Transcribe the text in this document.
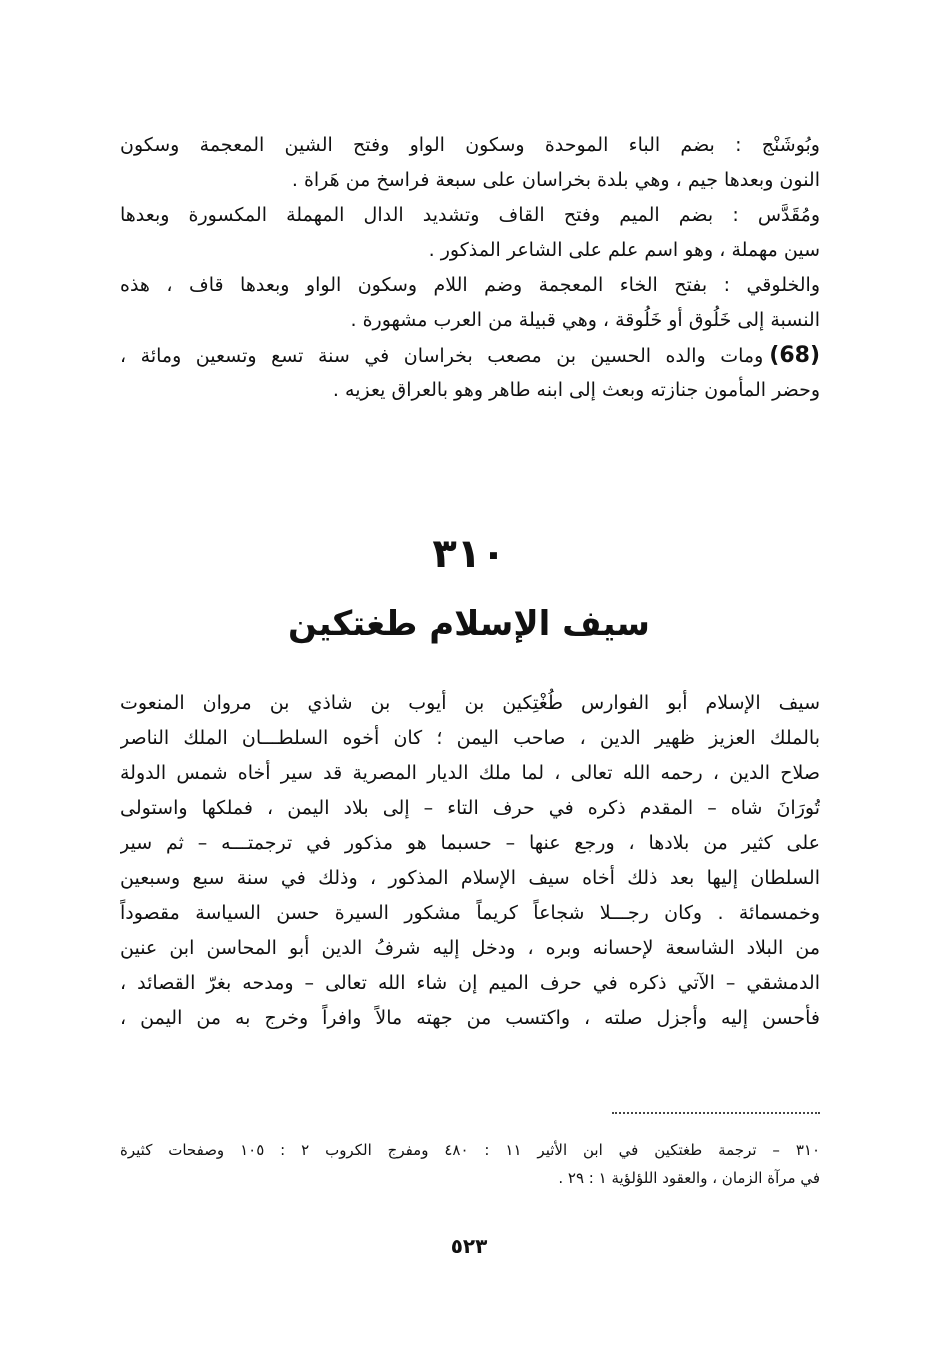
وبُوشَنْج : بضم الباء الموحدة وسكون الواو وفتح الشين المعجمة وسكون
النون وبعدها جيم ، وهي بلدة بخراسان على سبعة فراسخ من هَراة .
ومُقَدَّس : بضم الميم وفتح القاف وتشديد الدال المهملة المكسورة وبعدها
سين مهملة ، وهو اسم علم على الشاعر المذكور .
والخلوقي : بفتح الخاء المعجمة وضم اللام وسكون الواو وبعدها قاف ، هذه
النسبة إلى خَلُوق أو خَلُوقة ، وهي قبيلة من العرب مشهورة .
(68)ومات والده الحسين بن مصعب بخراسان في سنة تسع وتسعين ومائة ،
وحضر المأمون جنازته وبعث إلى ابنه طاهر وهو بالعراق يعزيه .
٣١٠
سيف الإسلام طغتكين
سيف الإسلام أبو الفوارس طُغْتِكين بن أيوب بن شاذي بن مروان المنعوت
بالملك العزيز ظهير الدين ، صاحب اليمن ؛ كان أخوه السلطـــان الملك الناصر
صلاح الدين ، رحمه الله تعالى ، لما ملك الديار المصرية قد سير أخاه شمس الدولة
تُورَانَ شاه – المقدم ذكره في حرف التاء – إلى بلاد اليمن ، فملكها واستولى
على كثير من بلادها ، ورجع عنها – حسبما هو مذكور في ترجمتـــه – ثم سير
السلطان إليها بعد ذلك أخاه سيف الإسلام المذكور ، وذلك في سنة سبع وسبعين
وخمسمائة . وكان رجـــلا شجاعاً كريماً مشكور السيرة حسن السياسة مقصوداً
من البلاد الشاسعة لإحسانه وبره ، ودخل إليه شرفُ الدين أبو المحاسن ابن عنين
الدمشقي – الآتي ذكره في حرف الميم إن شاء الله تعالى – ومدحه بغرّ القصائد ،
فأحسن إليه وأجزل صلته ، واكتسب من جهته مالاً وافراً وخرج به من اليمن ،
٣١٠ – ترجمة طغتكين في ابن الأثير ١١ : ٤٨٠ ومفرج الكروب ٢ : ١٠٥ وصفحات كثيرة
في مرآة الزمان ، والعقود اللؤلؤية ١ : ٢٩ .
٥٢٣
